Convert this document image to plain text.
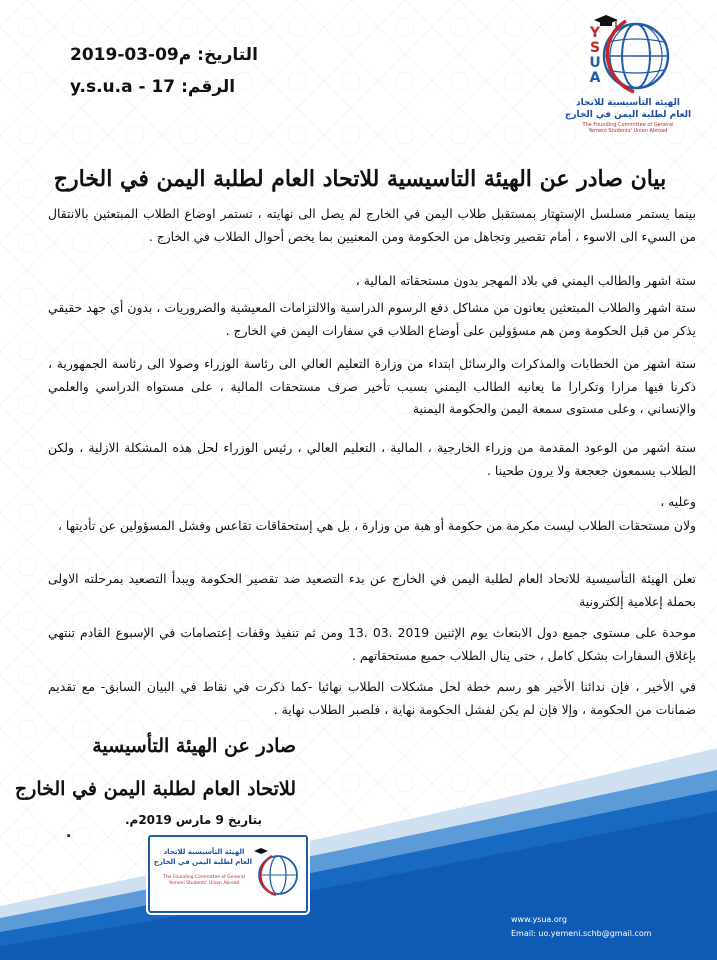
Y
S
U
A
الهيئة التأسيسية للاتحاد
العام لطلبة اليمن في الخارج
The Founding Committee of General
Yemeni Students' Union Abroad
التاريخ: 2019-03-09م
الرقم: y.s.u.a - 17
بيان صادر عن الهيئة التاسيسية للاتحاد العام لطلبة اليمن في الخارج

بينما يستمر مسلسل الإستهتار بمستقبل طلاب اليمن في الخارج لم يصل الى نهايته ، تستمر اوضاع الطلاب المبتعثين بالانتقال من السيء الى الاسوء ، أمام تقصير وتجاهل من الحكومة ومن المعنيين بما يخص أحوال الطلاب في الخارج .

ستة اشهر والطالب اليمني في بلاد المهجر بدون مستحقاته المالية ،

ستة اشهر والطلاب المبتعثين يعانون من مشاكل دفع الرسوم الدراسية والالتزامات المعيشية والضروريات ، بدون أي جهد حقيقي يذكر من قبل الحكومة ومن هم مسؤولين على أوضاع الطلاب في سفارات اليمن في الخارج .

ستة اشهر من الخطابات والمذكرات والرسائل ابتداء من وزارة التعليم العالي الى رئاسة الوزراء وصولا الى رئاسة الجمهورية ، ذكرنا فيها مرارا وتكرارا ما يعانيه الطالب اليمني بسبب تأخير صرف مستحقات المالية ، على مستواه الدراسي والعلمي والإنساني ، وعلى مستوى سمعة اليمن والحكومة اليمنية

ستة اشهر من الوعود المقدمة من وزراء الخارجية ، المالية ، التعليم العالي ، رئيس الوزراء لحل هذه المشكلة الازلية ، ولكن الطلاب يسمعون جعجعة ولا يرون طحينا .

وعليه ،

ولان مستحقات الطلاب ليست مكرمة من حكومة أو هبة من وزارة ، بل هي إستحقاقات تقاعس وفشل المسؤولين عن تأديتها ،

تعلن الهيئة التأسيسية للاتحاد العام لطلبة اليمن في الخارج عن بدء التصعيد ضد تقصير الحكومة ويبدأ التصعيد بمرحلته الاولى بحملة إعلامية إلكترونية

موحدة على مستوى جميع دول الابتعاث يوم الإثنين 2019 .03 .13 ومن ثم تنفيذ وقفات إعتصامات في الإسبوع القادم تنتهي بإغلاق السفارات بشكل كامل ، حتى ينال الطلاب جميع مستحقاتهم .

في الأخير ، فإن ندائنا الأخير هو رسم خطة لحل مشكلات الطلاب نهائيا -كما ذكرت في نقاط في البيان السابق- مع تقديم ضمانات من الحكومة ، وإلا فإن لم يكن لفشل الحكومة نهاية ، فلصبر الطلاب نهاية .

صادر عن الهيئة التأسيسية
للاتحاد العام لطلبة اليمن في الخارج
بتاريخ 9 مارس 2019م.
.
الهيئة التأسيسية للاتحاد
العام لطلبة اليمن في الخارج
The Founding Committee of General
Yemeni Students' Union Abroad
www.ysua.org
Email: uo.yemeni.schb@gmail.com
